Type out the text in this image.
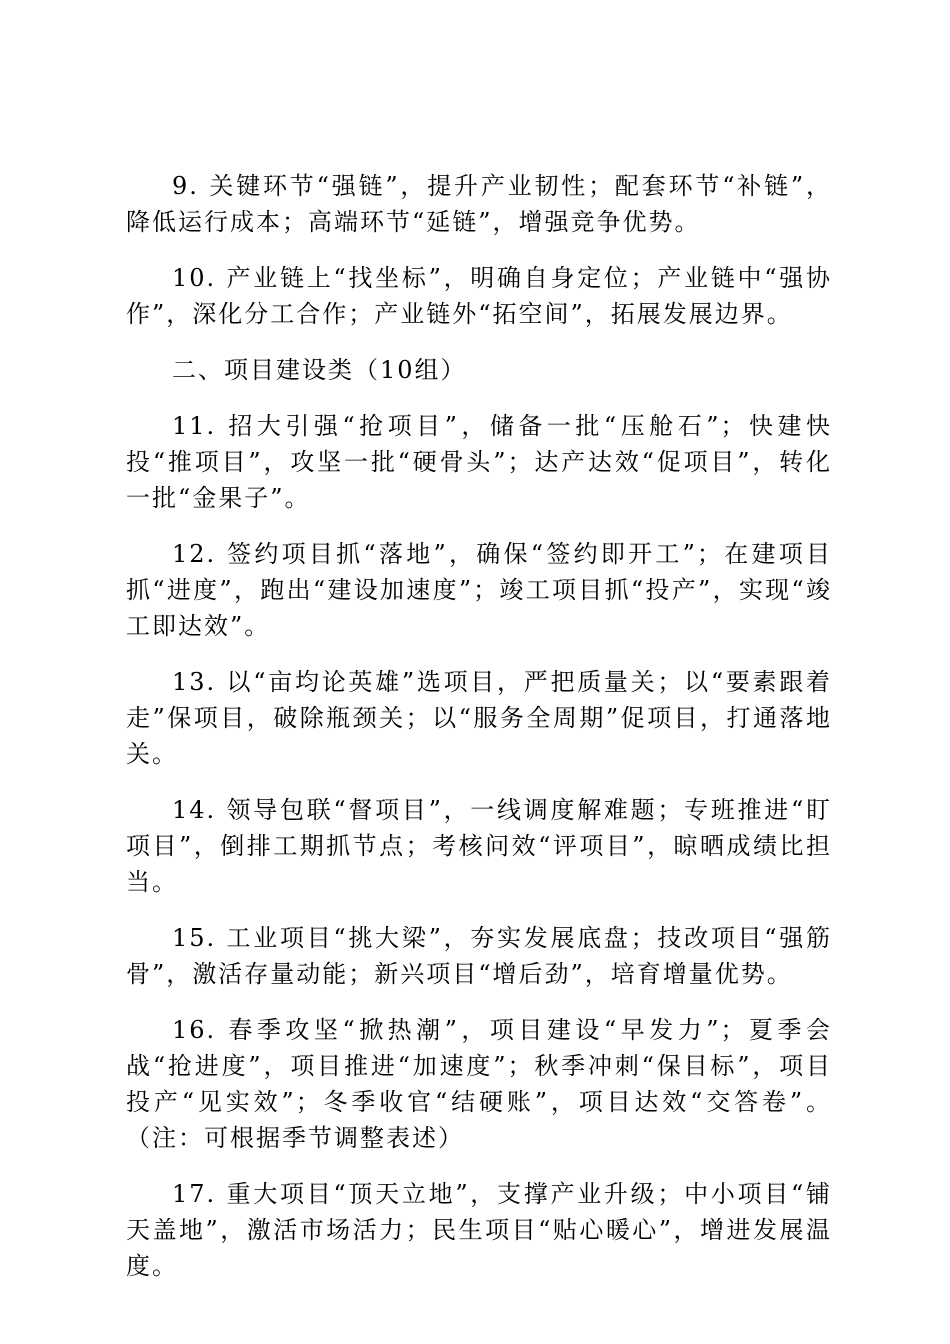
9. 关键环节“强链”，提升产业韧性；配套环节“补链”，降低运行成本；高端环节“延链”，增强竞争优势。

10. 产业链上“找坐标”，明确自身定位；产业链中“强协作”，深化分工合作；产业链外“拓空间”，拓展发展边界。

二、项目建设类（10组）

11. 招大引强“抢项目”，储备一批“压舱石”；快建快投“推项目”，攻坚一批“硬骨头”；达产达效“促项目”，转化一批“金果子”。

12. 签约项目抓“落地”，确保“签约即开工”；在建项目抓“进度”，跑出“建设加速度”；竣工项目抓“投产”，实现“竣工即达效”。

13. 以“亩均论英雄”选项目，严把质量关；以“要素跟着走”保项目，破除瓶颈关；以“服务全周期”促项目，打通落地关。

14. 领导包联“督项目”，一线调度解难题；专班推进“盯项目”，倒排工期抓节点；考核问效“评项目”，晾晒成绩比担当。

15. 工业项目“挑大梁”，夯实发展底盘；技改项目“强筋骨”，激活存量动能；新兴项目“增后劲”，培育增量优势。

16. 春季攻坚“掀热潮”，项目建设“早发力”；夏季会战“抢进度”，项目推进“加速度”；秋季冲刺“保目标”，项目投产“见实效”；冬季收官“结硬账”，项目达效“交答卷”。（注：可根据季节调整表述）

17. 重大项目“顶天立地”，支撑产业升级；中小项目“铺天盖地”，激活市场活力；民生项目“贴心暖心”，增进发展温度。
